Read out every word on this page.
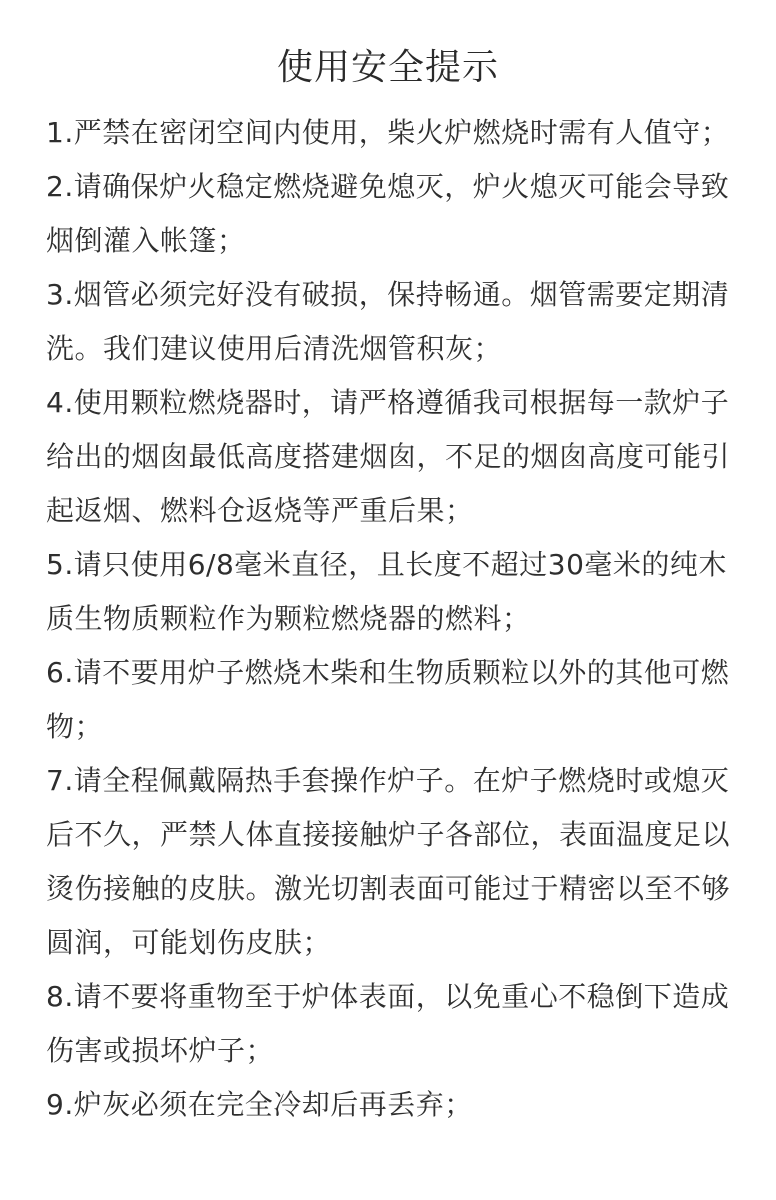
使用安全提示
1.严禁在密闭空间内使用，柴火炉燃烧时需有人值守；
2.请确保炉火稳定燃烧避免熄灭，炉火熄灭可能会导致烟倒灌入帐篷；
3.烟管必须完好没有破损，保持畅通。烟管需要定期清洗。我们建议使用后清洗烟管积灰；
4.使用颗粒燃烧器时，请严格遵循我司根据每一款炉子给出的烟囱最低高度搭建烟囱，不足的烟囱高度可能引起返烟、燃料仓返烧等严重后果；
5.请只使用6/8毫米直径，且长度不超过30毫米的纯木质生物质颗粒作为颗粒燃烧器的燃料；
6.请不要用炉子燃烧木柴和生物质颗粒以外的其他可燃物；
7.请全程佩戴隔热手套操作炉子。在炉子燃烧时或熄灭后不久，严禁人体直接接触炉子各部位，表面温度足以烫伤接触的皮肤。激光切割表面可能过于精密以至不够圆润，可能划伤皮肤；
8.请不要将重物至于炉体表面，以免重心不稳倒下造成伤害或损坏炉子；
9.炉灰必须在完全冷却后再丢弃；
